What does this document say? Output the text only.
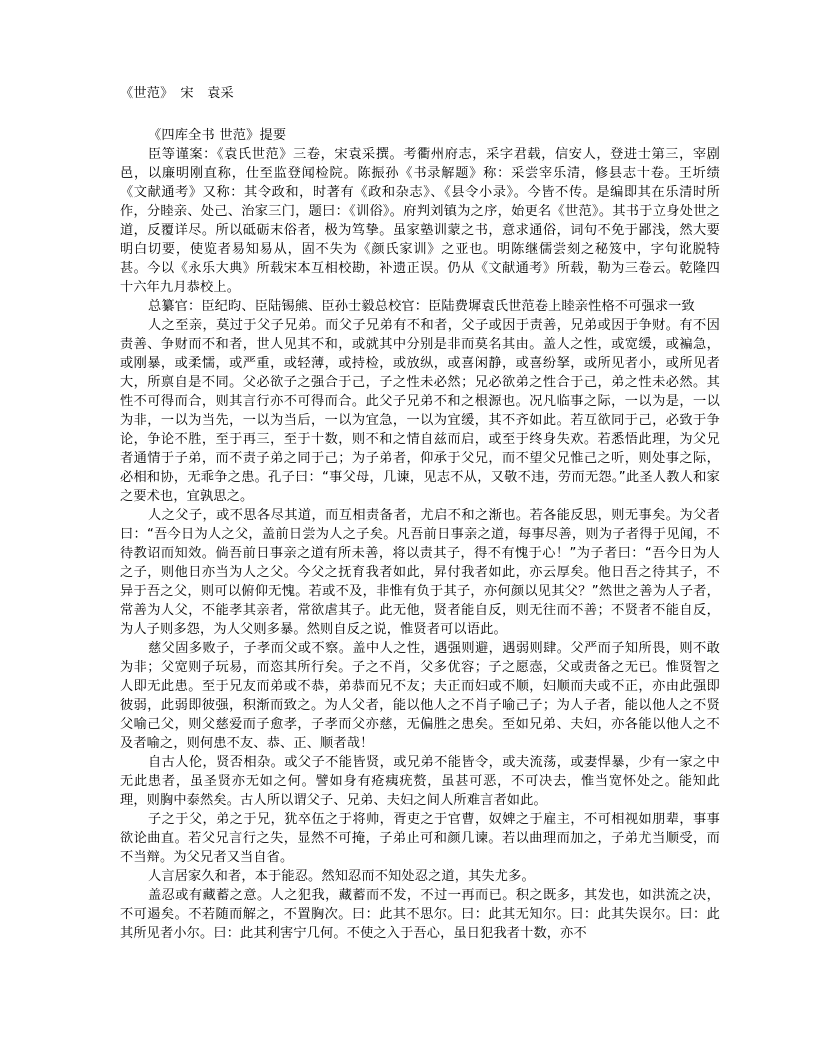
《世范》　宋　袁采
《四库全书 世范》提要

臣等谨案：《袁氏世范》三卷，宋袁采撰。考衢州府志，采字君载，信安人，登进士第三，宰剧邑，以廉明刚直称，仕至监登闻检院。陈振孙《书录解题》称：采尝宰乐清，修县志十卷。王圻绩《文献通考》又称：其令政和，时著有《政和杂志》、《县令小录》。今皆不传。是编即其在乐清时所作，分睦亲、处己、治家三门，题曰：《训俗》。府判刘镇为之序，始更名《世范》。其书于立身处世之道，反覆详尽。所以砥砺末俗者，极为笃挚。虽家塾训蒙之书，意求通俗，词句不免于鄙浅，然大要明白切要，使览者易知易从，固不失为《颜氏家训》之亚也。明陈继儒尝刻之秘笈中，字句讹脱特甚。今以《永乐大典》所载宋本互相校勘，补遗正误。仍从《文献通考》所载，勒为三卷云。乾隆四十六年九月恭校上。

总纂官：臣纪昀、臣陆锡熊、臣孙士毅总校官：臣陆费墀袁氏世范卷上睦亲性格不可强求一致

人之至亲，莫过于父子兄弟。而父子兄弟有不和者，父子或因于责善，兄弟或因于争财。有不因责善、争财而不和者，世人见其不和，或就其中分别是非而莫名其由。盖人之性，或宽缓，或褊急，或刚暴，或柔懦，或严重，或轻薄，或持检，或放纵，或喜闲静，或喜纷拏，或所见者小，或所见者大，所禀自是不同。父必欲子之强合于己，子之性未必然；兄必欲弟之性合于己，弟之性未必然。其性不可得而合，则其言行亦不可得而合。此父子兄弟不和之根源也。况凡临事之际，一以为是，一以为非，一以为当先，一以为当后，一以为宜急，一以为宜缓，其不齐如此。若互欲同于己，必致于争论，争论不胜，至于再三，至于十数，则不和之情自兹而启，或至于终身失欢。若悉悟此理，为父兄者通情于子弟，而不责子弟之同于己；为子弟者，仰承于父兄，而不望父兄惟己之听，则处事之际，必相和协，无乖争之患。孔子曰：“事父母，几谏，见志不从，又敬不违，劳而无怨。”此圣人教人和家之要术也，宜孰思之。

人之父子，或不思各尽其道，而互相责备者，尤启不和之渐也。若各能反思，则无事矣。为父者曰：“吾今日为人之父，盖前日尝为人之子矣。凡吾前日事亲之道，每事尽善，则为子者得于见闻，不待教诏而知效。倘吾前日事亲之道有所未善，将以责其子，得不有愧于心！”为子者曰：“吾今日为人之子，则他日亦当为人之父。今父之抚育我者如此，昇付我者如此，亦云厚矣。他日吾之待其子，不异于吾之父，则可以俯仰无愧。若或不及，非惟有负于其子，亦何颜以见其父？”然世之善为人子者，常善为人父，不能孝其亲者，常欲虐其子。此无他，贤者能自反，则无往而不善；不贤者不能自反，为人子则多怨，为人父则多暴。然则自反之说，惟贤者可以语此。

慈父固多败子，子孝而父或不察。盖中人之性，遇强则避，遇弱则肆。父严而子知所畏，则不敢为非；父宽则子玩易，而恣其所行矣。子之不肖，父多优容；子之愿悫，父或责备之无已。惟贤智之人即无此患。至于兄友而弟或不恭，弟恭而兄不友；夫正而妇或不顺，妇顺而夫或不正，亦由此强即彼弱，此弱即彼强，积渐而致之。为人父者，能以他人之不肖子喻己子；为人子者，能以他人之不贤父喻己父，则父慈爱而子愈孝，子孝而父亦慈，无偏胜之患矣。至如兄弟、夫妇，亦各能以他人之不及者喻之，则何患不友、恭、正、顺者哉！

自古人伦，贤否相杂。或父子不能皆贤，或兄弟不能皆令，或夫流荡，或妻悍暴，少有一家之中无此患者，虽圣贤亦无如之何。譬如身有疮痍疣赘，虽甚可恶，不可决去，惟当宽怀处之。能知此理，则胸中泰然矣。古人所以谓父子、兄弟、夫妇之间人所难言者如此。

子之于父，弟之于兄，犹卒伍之于将帅，胥吏之于官曹，奴婢之于雇主，不可相视如朋辈，事事欲论曲直。若父兄言行之失，显然不可掩，子弟止可和颜几谏。若以曲理而加之，子弟尤当顺受，而不当辩。为父兄者又当自省。

人言居家久和者，本于能忍。然知忍而不知处忍之道，其失尤多。

盖忍或有藏蓄之意。人之犯我，藏蓄而不发，不过一再而已。积之既多，其发也，如洪流之决，不可遏矣。不若随而解之，不置胸次。曰：此其不思尔。曰：此其无知尔。曰：此其失误尔。曰：此其所见者小尔。曰：此其利害宁几何。不使之入于吾心，虽日犯我者十数，亦不
